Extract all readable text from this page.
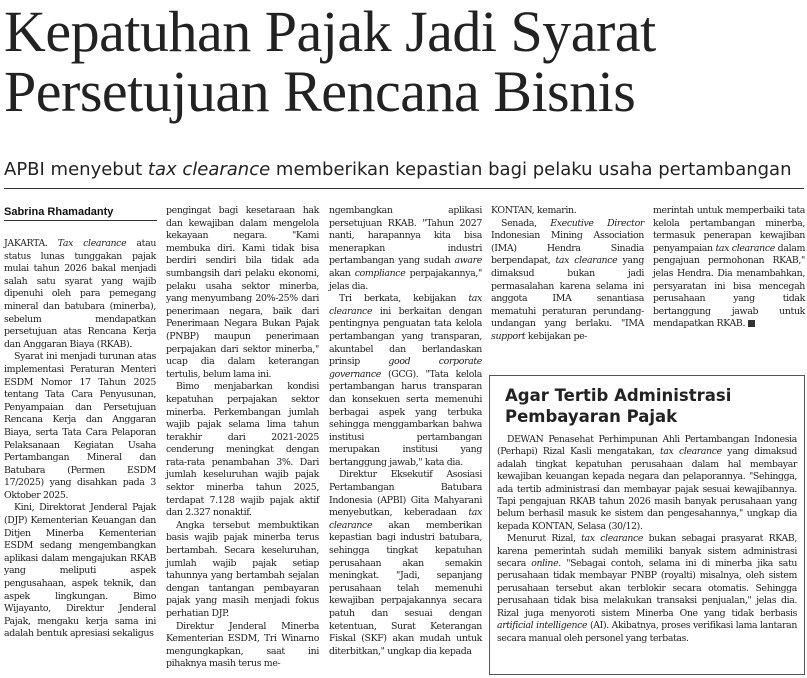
Kepatuhan Pajak Jadi Syarat Persetujuan Rencana Bisnis

APBI menyebut tax clearance memberikan kepastian bagi pelaku usaha pertambangan

Sabrina Rhamadanty

JAKARTA. Tax clearance atau status lunas tunggakan pajak mulai tahun 2026 bakal menjadi salah satu syarat yang wajib dipenuhi oleh para pemegang mineral dan batubara (minerba), sebelum mendapatkan persetujuan atas Rencana Kerja dan Anggaran Biaya (RKAB).

Syarat ini menjadi turunan atas implementasi Peraturan Menteri ESDM Nomor 17 Tahun 2025 tentang Tata Cara Penyusunan, Penyampaian dan Persetujuan Rencana Kerja dan Anggaran Biaya, serta Tata Cara Pelaporan Pelaksanaan Kegiatan Usaha Pertambangan Mineral dan Batubara (Permen ESDM 17/2025) yang disahkan pada 3 Oktober 2025.

Kini, Direktorat Jenderal Pajak (DJP) Kementerian Keuangan dan Ditjen Minerba Kementerian ESDM sedang mengembangkan aplikasi dalam mengajukan RKAB yang meliputi aspek pengusahaan, aspek teknik, dan aspek lingkungan. Bimo Wijayanto, Direktur Jenderal Pajak, mengaku kerja sama ini adalah bentuk apresiasi sekaligus

pengingat bagi kesetaraan hak dan kewajiban dalam mengelola kekayaan negara. "Kami membuka diri. Kami tidak bisa berdiri sendiri bila tidak ada sumbangsih dari pelaku ekonomi, pelaku usaha sektor minerba, yang menyumbang 20%-25% dari penerimaan negara, baik dari Penerimaan Negara Bukan Pajak (PNBP) maupun penerimaan perpajakan dari sektor minerba," ucap dia dalam keterangan tertulis, belum lama ini.

Bimo menjabarkan kondisi kepatuhan perpajakan sektor minerba. Perkembangan jumlah wajib pajak selama lima tahun terakhir dari 2021-2025 cenderung meningkat dengan rata-rata penambahan 3%. Dari jumlah keseluruhan wajib pajak sektor minerba tahun 2025, terdapat 7.128 wajib pajak aktif dan 2.327 nonaktif.

Angka tersebut membuktikan basis wajib pajak minerba terus bertambah. Secara keseluruhan, jumlah wajib pajak setiap tahunnya yang bertambah sejalan dengan tantangan pembayaran pajak yang masih menjadi fokus perhatian DJP.

Direktur Jenderal Minerba Kementerian ESDM, Tri Winarno mengungkapkan, saat ini pihaknya masih terus me-

ngembangkan aplikasi persetujuan RKAB. "Tahun 2027 nanti, harapannya kita bisa menerapkan industri pertambangan yang sudah aware akan compliance perpajakannya," jelas dia.

Tri berkata, kebijakan tax clearance ini berkaitan dengan pentingnya penguatan tata kelola pertambangan yang transparan, akuntabel dan berlandaskan prinsip good corporate governance (GCG). "Tata kelola pertambangan harus transparan dan konsekuen serta memenuhi berbagai aspek yang terbuka sehingga menggambarkan bahwa institusi pertambangan merupakan institusi yang bertanggung jawab," kata dia.

Direktur Eksekutif Asosiasi Pertambangan Batubara Indonesia (APBI) Gita Mahyarani menyebutkan, keberadaan tax clearance akan memberikan kepastian bagi industri batubara, sehingga tingkat kepatuhan perusahaan akan semakin meningkat. "Jadi, sepanjang perusahaan telah memenuhi kewajiban perpajakannya secara patuh dan sesuai dengan ketentuan, Surat Keterangan Fiskal (SKF) akan mudah untuk diterbitkan," ungkap dia kepada

KONTAN, kemarin.

Senada, Executive Director Indonesian Mining Association (IMA) Hendra Sinadia berpendapat, tax clearance yang dimaksud bukan jadi permasalahan karena selama ini anggota IMA senantiasa mematuhi peraturan perundang-undangan yang berlaku. "IMA support kebijakan pe-

merintah untuk memperbaiki tata kelola pertambangan minerba, termasuk penerapan kewajiban penyampaian tax clearance dalam pengajuan permohonan RKAB," jelas Hendra. Dia menambahkan, persyaratan ini bisa mencegah perusahaan yang tidak bertanggung jawab untuk mendapatkan RKAB.

Agar Tertib Administrasi Pembayaran Pajak

DEWAN Penasehat Perhimpunan Ahli Pertambangan Indonesia (Perhapi) Rizal Kasli mengatakan, tax clearance yang dimaksud adalah tingkat kepatuhan perusahaan dalam hal membayar kewajiban keuangan kepada negara dan pelaporannya. "Sehingga, ada tertib administrasi dan membayar pajak sesuai kewajibannya. Tapi pengajuan RKAB tahun 2026 masih banyak perusahaan yang belum berhasil masuk ke sistem dan pengesahannya," ungkap dia kepada KONTAN, Selasa (30/12).

Menurut Rizal, tax clearance bukan sebagai prasyarat RKAB, karena pemerintah sudah memiliki banyak sistem administrasi secara online. "Sebagai contoh, selama ini di minerba jika satu perusahaan tidak membayar PNBP (royalti) misalnya, oleh sistem perusahaan tersebut akan terblokir secara otomatis. Sehingga perusahaan tidak bisa melakukan transaksi penjualan," jelas dia. Rizal juga menyoroti sistem Minerba One yang tidak berbasis artificial intelligence (AI). Akibatnya, proses verifikasi lama lantaran secara manual oleh personel yang terbatas.
